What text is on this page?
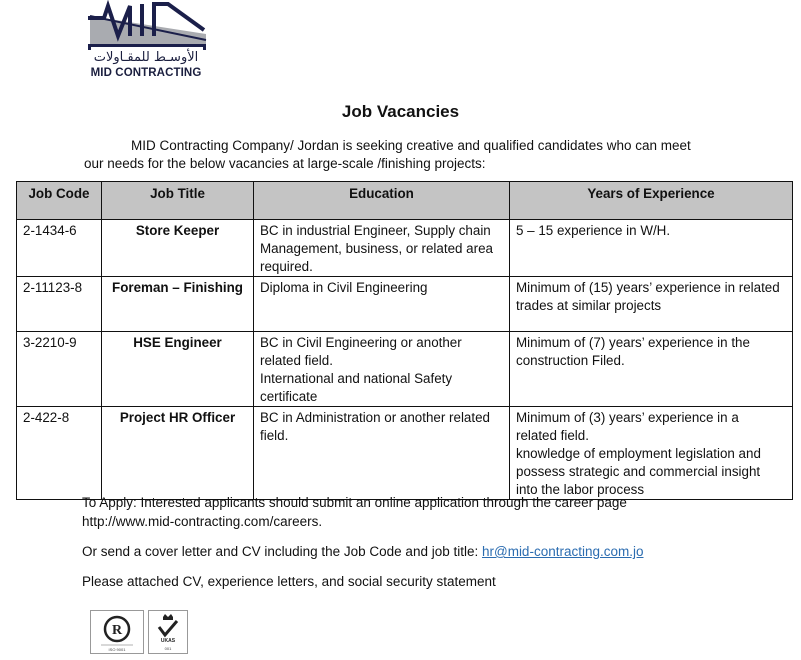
الأوسـط للمقـاولات
MID CONTRACTING
Job Vacancies
MID Contracting Company/ Jordan is seeking creative and qualified candidates who can meet
our needs for the below vacancies at large-scale /finishing projects:
Job Code	Job Title	Education	Years of Experience
2-1434-6	Store Keeper	BC in industrial Engineer, Supply chain
Management, business, or related area
required.	5 – 15 experience in W/H.

2-11123-8	Foreman – Finishing	Diploma in Civil Engineering	Minimum of (15) years’ experience in related
trades at similar projects

3-2210-9	HSE Engineer	BC in Civil Engineering or another
related field.
International and national Safety
certificate	Minimum of (7) years’ experience in the
construction Filed.

2-422-8	Project HR Officer	BC in Administration or another related
field.	Minimum of (3) years’ experience in a
related field.
knowledge of employment legislation and
possess strategic and commercial insight
into the labor process

To Apply: Interested applicants should submit an online application through the career page
http://www.mid-contracting.com/careers.

Or send a cover letter and CV including the Job Code and job title: hr@mid-contracting.com.jo

Please attached CV, experience letters, and social security statement

R
ISO 9001
UKAS
001
